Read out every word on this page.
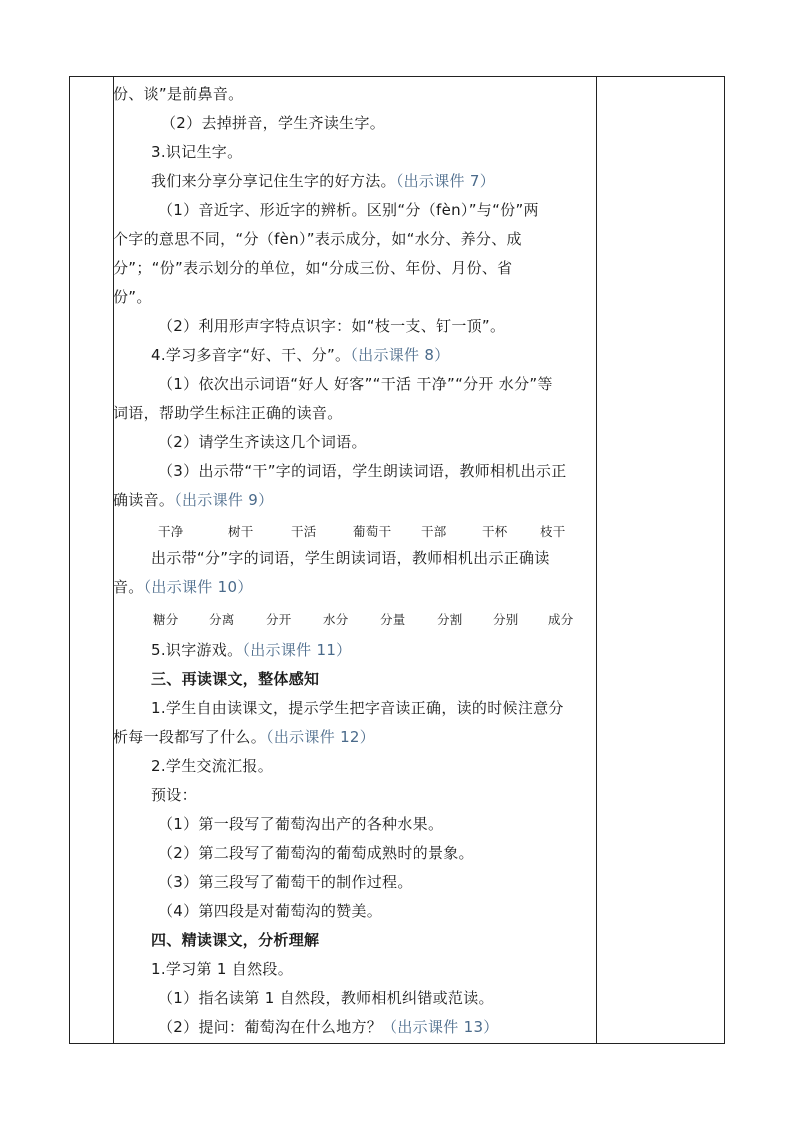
份、谈”是前鼻音。
（2）去掉拼音，学生齐读生字。
3.识记生字。
我们来分享分享记住生字的好方法。（出示课件 7）
（1）音近字、形近字的辨析。区别“分（fèn）”与“份”两
个字的意思不同，“分（fèn）”表示成分，如“水分、养分、成
分”；“份”表示划分的单位，如“分成三份、年份、月份、省
份”。
（2）利用形声字特点识字：如“枝一支、钉一顶”。
4.学习多音字“好、干、分”。（出示课件 8）
（1）依次出示词语“好人 好客”“干活 干净”“分开 水分”等
词语，帮助学生标注正确的读音。
（2）请学生齐读这几个词语。
（3）出示带“干”字的词语，学生朗读词语，教师相机出示正
确读音。（出示课件 9）
干净	树干	干活	葡萄干 干部	干杯	枝干
出示带“分”字的词语，学生朗读词语，教师相机出示正确读
音。（出示课件 10）
糖分 分离	分开	水分	分量	分割 分别 成分
5.识字游戏。（出示课件 11）
三、再读课文，整体感知
1.学生自由读课文，提示学生把字音读正确，读的时候注意分
析每一段都写了什么。（出示课件 12）
2.学生交流汇报。
预设：
（1）第一段写了葡萄沟出产的各种水果。
（2）第二段写了葡萄沟的葡萄成熟时的景象。
（3）第三段写了葡萄干的制作过程。
（4）第四段是对葡萄沟的赞美。
四、精读课文，分析理解
1.学习第 1 自然段。
（1）指名读第 1 自然段，教师相机纠错或范读。
（2）提问：葡萄沟在什么地方？（出示课件 13）
